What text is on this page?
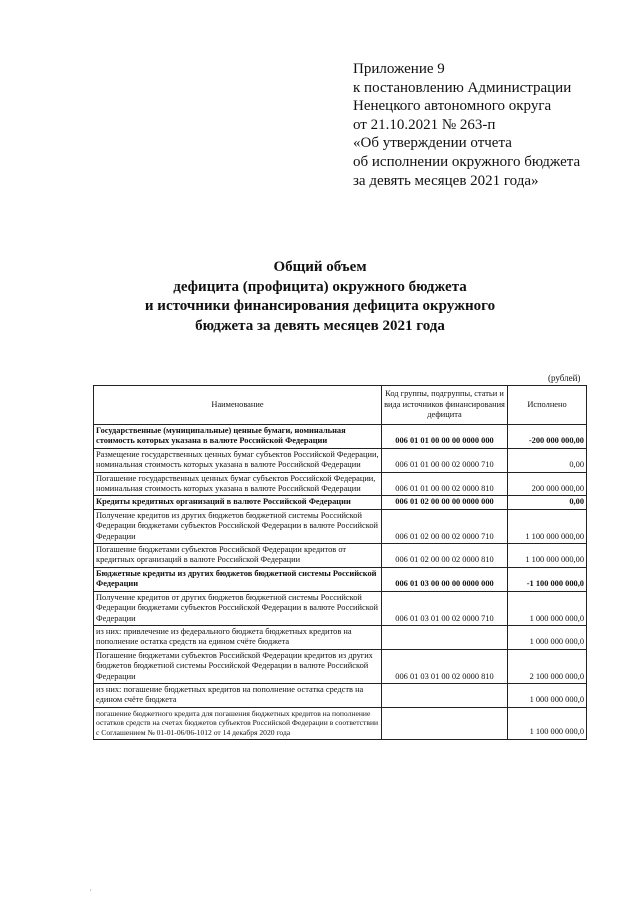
Приложение 9
к постановлению Администрации
Ненецкого автономного округа
от 21.10.2021 № 263-п
«Об утверждении отчета
об исполнении окружного бюджета
за девять месяцев 2021 года»
Общий объем
дефицита (профицита) окружного бюджета
и источники финансирования дефицита окружного
бюджета за девять месяцев 2021 года
(рублей)
Наименование	Код группы, подгруппы, статьи и вида источников финансирования дефицита	Исполнено
Государственные (муниципальные) ценные бумаги, номинальная стоимость которых указана в валюте Российской Федерации	006 01 01 00 00 00 0000 000	-200 000 000,00
Размещение государственных ценных бумаг субъектов Российской Федерации, номинальная стоимость которых указана в валюте Российской Федерации	006 01 01 00 00 02 0000 710	0,00
Погашение государственных ценных бумаг субъектов Российской Федерации, номинальная стоимость которых указана в валюте Российской Федерации	006 01 01 00 00 02 0000 810	200 000 000,00
Кредиты кредитных организаций в валюте Российской Федерации	006 01 02 00 00 00 0000 000	0,00
Получение кредитов из других бюджетов бюджетной системы Российской Федерации бюджетами субъектов Российской Федерации в валюте Российской Федерации	006 01 02 00 00 02 0000 710	1 100 000 000,00
Погашение бюджетами субъектов Российской Федерации кредитов от кредитных организаций в валюте Российской Федерации	006 01 02 00 00 02 0000 810	1 100 000 000,00
Бюджетные кредиты из других бюджетов бюджетной системы Российской Федерации	006 01 03 00 00 00 0000 000	-1 100 000 000,0
Получение кредитов от других бюджетов бюджетной системы Российской Федерации бюджетами субъектов Российской Федерации в валюте Российской Федерации	006 01 03 01 00 02 0000 710	1 000 000 000,0
из них: привлечение из федерального бюджета бюджетных кредитов на пополнение остатка средств на едином счёте бюджета		1 000 000 000,0
Погашение бюджетами субъектов Российской Федерации кредитов из других бюджетов бюджетной системы Российской Федерации в валюте Российской Федерации	006 01 03 01 00 02 0000 810	2 100 000 000,0
из них: погашение бюджетных кредитов на пополнение остатка средств на едином счёте бюджета		1 000 000 000,0
погашение бюджетного кредита для погашения бюджетных кредитов на пополнение остатков средств на счетах бюджетов субъектов Российской Федерации в соответствии с Соглашением № 01-01-06/06-1012 от 14 декабря 2020 года		1 100 000 000,0
,
